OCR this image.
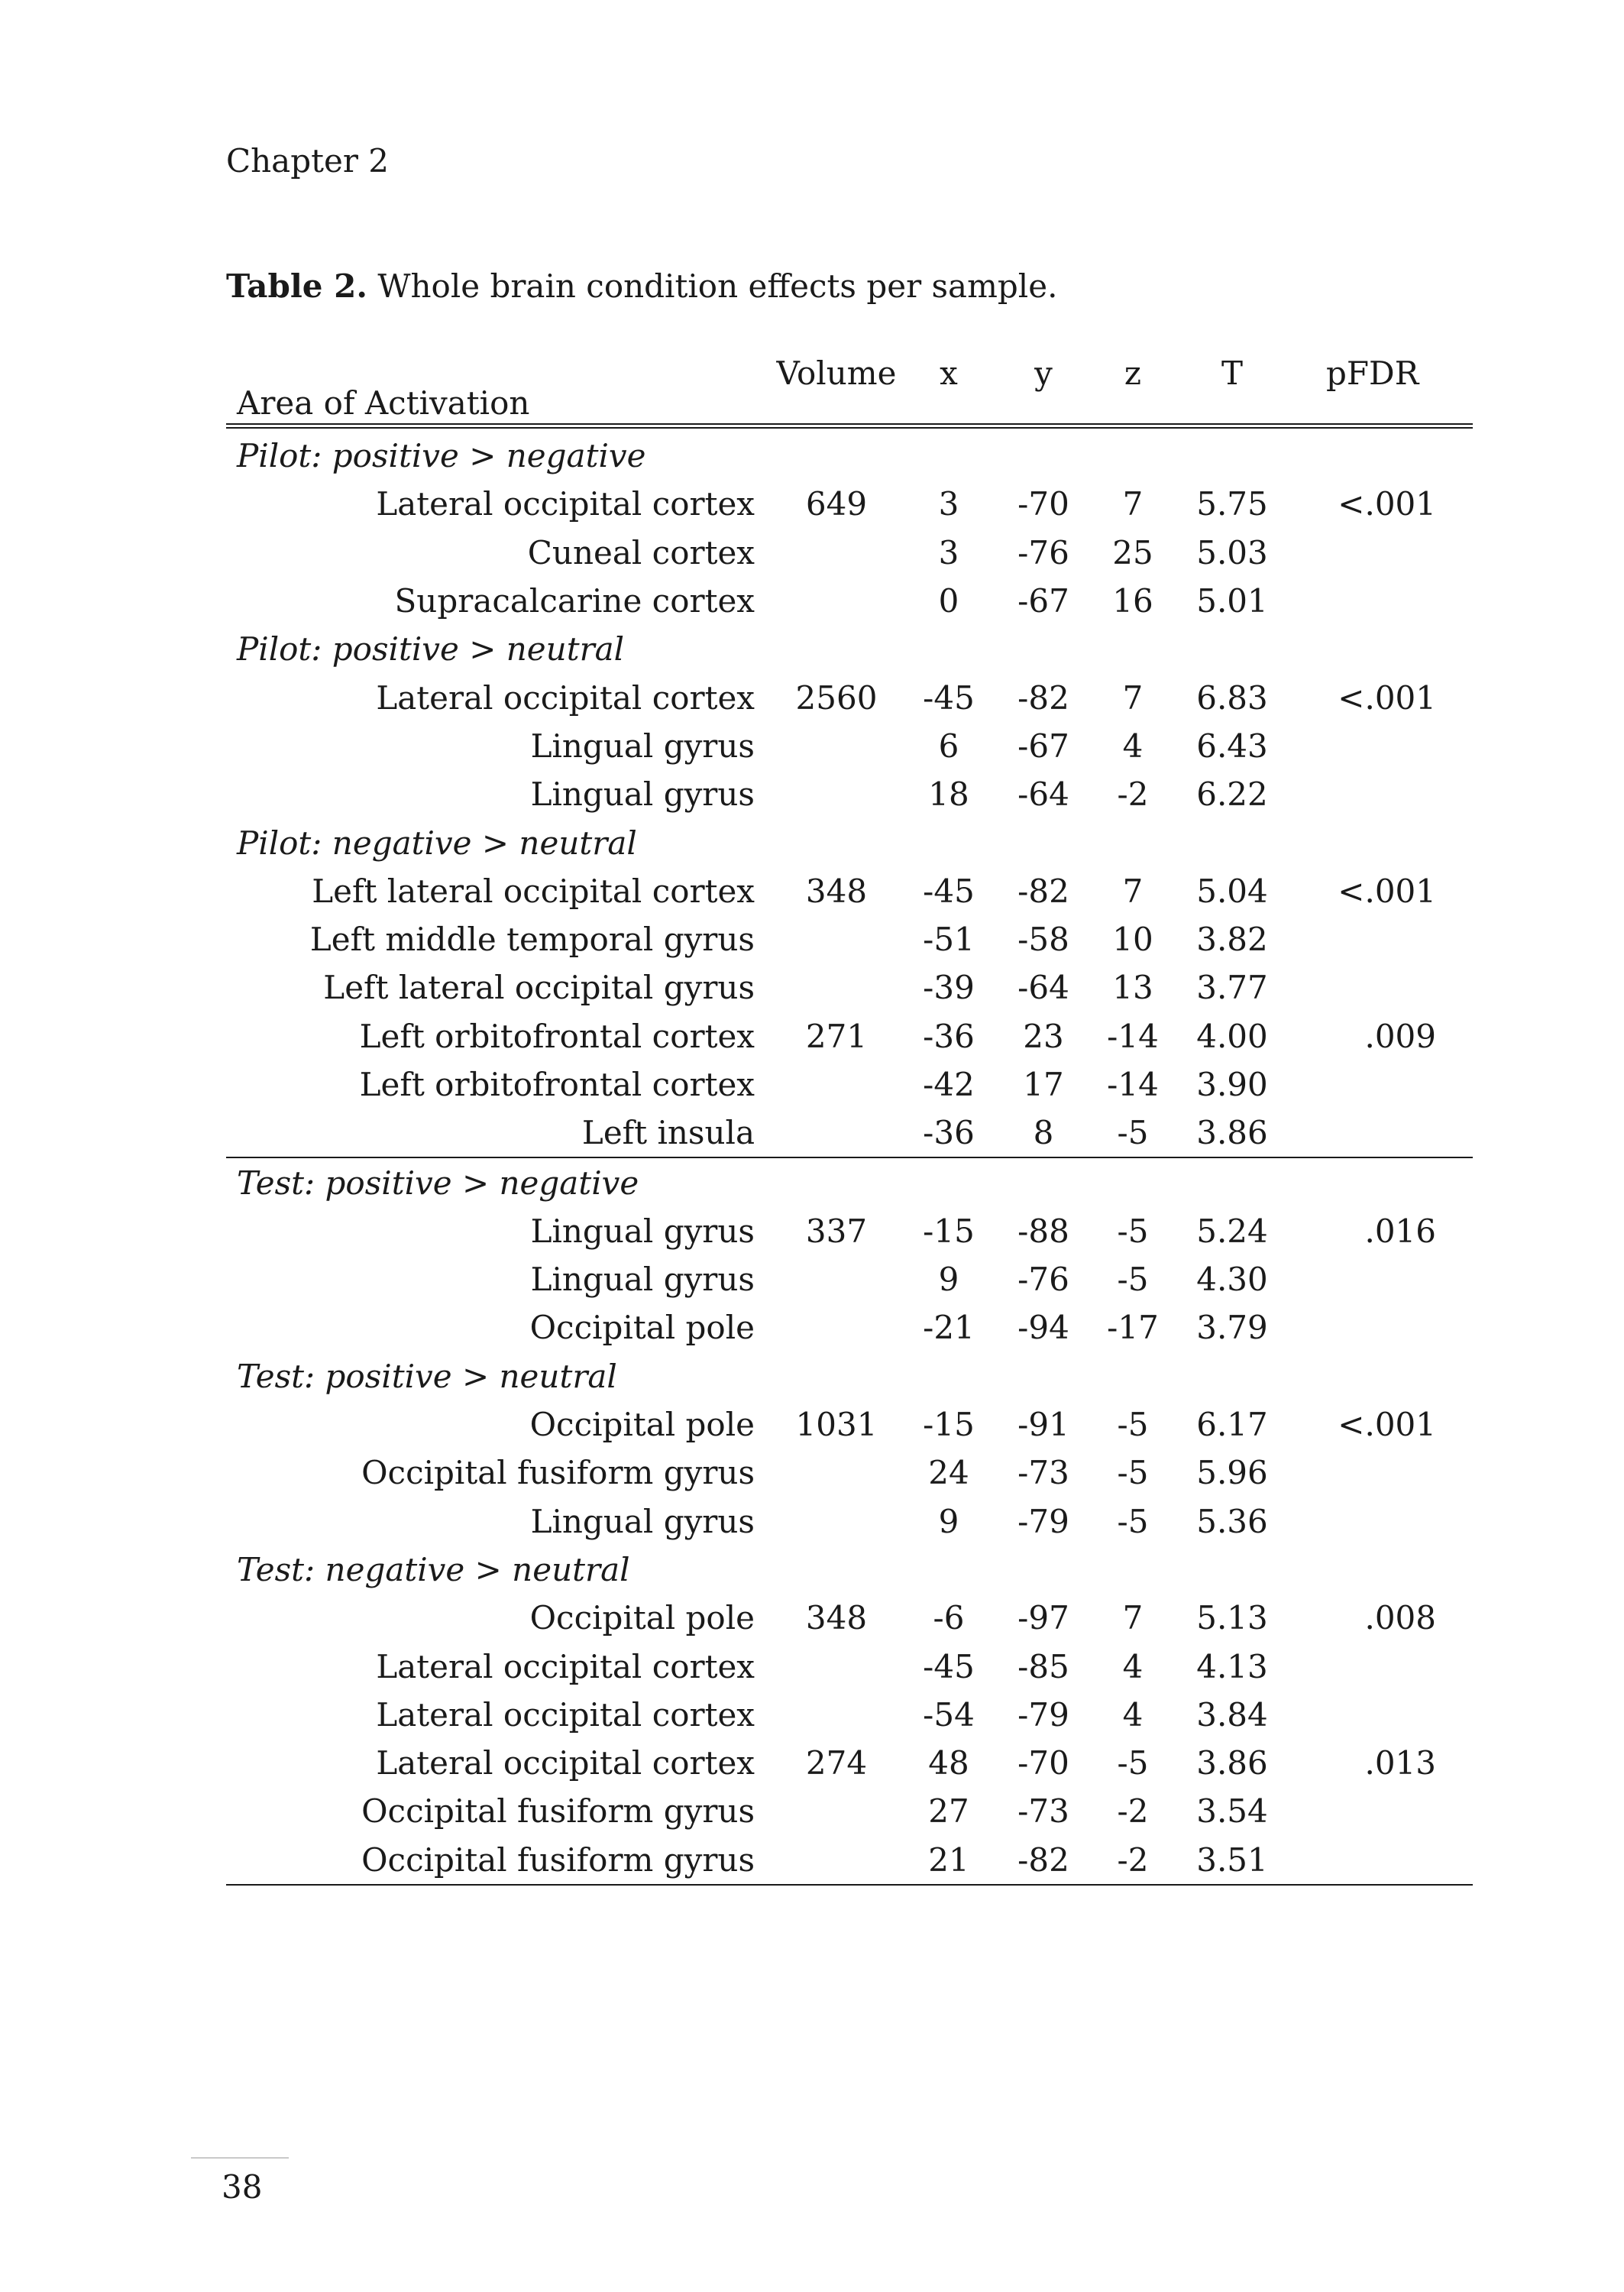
Chapter 2
Table 2. Whole brain condition effects per sample.
Area of Activation	Volume	x	y	z	T	pFDR
Pilot: positive > negative						
Lateral occipital cortex	649	3	-70	7	5.75	<.001
Cuneal cortex		3	-76	25	5.03	
Supracalcarine cortex		0	-67	16	5.01	
Pilot: positive > neutral						
Lateral occipital cortex	2560	-45	-82	7	6.83	<.001
Lingual gyrus		6	-67	4	6.43	
Lingual gyrus		18	-64	-2	6.22	
Pilot: negative > neutral						
Left lateral occipital cortex	348	-45	-82	7	5.04	<.001
Left middle temporal gyrus		-51	-58	10	3.82	
Left lateral occipital gyrus		-39	-64	13	3.77	
Left orbitofrontal cortex	271	-36	23	-14	4.00	.009
Left orbitofrontal cortex		-42	17	-14	3.90	
Left insula		-36	8	-5	3.86	
Test: positive > negative						
Lingual gyrus	337	-15	-88	-5	5.24	.016
Lingual gyrus		9	-76	-5	4.30	
Occipital pole		-21	-94	-17	3.79	
Test: positive > neutral						
Occipital pole	1031	-15	-91	-5	6.17	<.001
Occipital fusiform gyrus		24	-73	-5	5.96	
Lingual gyrus		9	-79	-5	5.36	
Test: negative > neutral						
Occipital pole	348	-6	-97	7	5.13	.008
Lateral occipital cortex		-45	-85	4	4.13	
Lateral occipital cortex		-54	-79	4	3.84	
Lateral occipital cortex	274	48	-70	-5	3.86	.013
Occipital fusiform gyrus		27	-73	-2	3.54	
Occipital fusiform gyrus		21	-82	-2	3.51	
38
